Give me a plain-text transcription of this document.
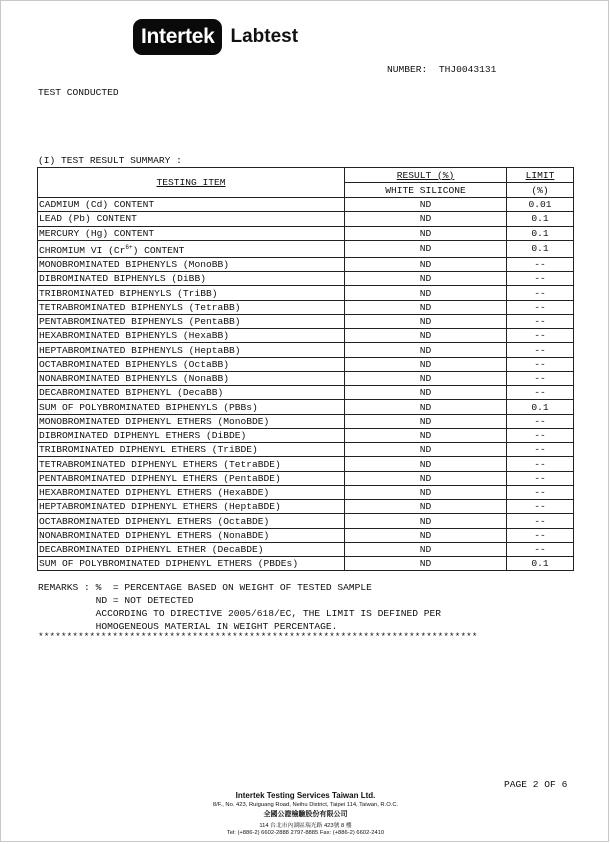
Intertek Labtest
NUMBER: THJ0043131
TEST CONDUCTED
(I) TEST RESULT SUMMARY :
TESTING ITEM	RESULT (%)	LIMIT
	WHITE SILICONE	(%)
CADMIUM (Cd) CONTENT	ND	0.01
LEAD (Pb) CONTENT	ND	0.1
MERCURY (Hg) CONTENT	ND	0.1
CHROMIUM VI $(Cr^{6+})$ CONTENT	ND	0.1
MONOBROMINATED BIPHENYLS (MonoBB)	ND	--
DIBROMINATED BIPHENYLS (DiBB)	ND	--
TRIBROMINATED BIPHENYLS (TriBB)	ND	--
TETRABROMINATED BIPHENYLS (TetraBB)	ND	--
PENTABROMINATED BIPHENYLS (PentaBB)	ND	--
HEXABROMINATED BIPHENYLS (HexaBB)	ND	--
HEPTABROMINATED BIPHENYLS (HeptaBB)	ND	--
OCTABROMINATED BIPHENYLS (OctaBB)	ND	--
NONABROMINATED BIPHENYLS (NonaBB)	ND	--
DECABROMINATED BIPHENYL (DecaBB)	ND	--
SUM OF POLYBROMINATED BIPHENYLS (PBBs)	ND	0.1
MONOBROMINATED DIPHENYL ETHERS (MonoBDE)	ND	--
DIBROMINATED DIPHENYL ETHERS (DiBDE)	ND	--
TRIBROMINATED DIPHENYL ETHERS (TriBDE)	ND	--
TETRABROMINATED DIPHENYL ETHERS (TetraBDE)	ND	--
PENTABROMINATED DIPHENYL ETHERS (PentaBDE)	ND	--
HEXABROMINATED DIPHENYL ETHERS (HexaBDE)	ND	--
HEPTABROMINATED DIPHENYL ETHERS (HeptaBDE)	ND	--
OCTABROMINATED DIPHENYL ETHERS (OctaBDE)	ND	--
NONABROMINATED DIPHENYL ETHERS (NonaBDE)	ND	--
DECABROMINATED DIPHENYL ETHER (DecaBDE)	ND	--
SUM OF POLYBROMINATED DIPHENYL ETHERS (PBDEs)	ND	0.1
REMARKS : %  = PERCENTAGE BASED ON WEIGHT OF TESTED SAMPLE
ND = NOT DETECTED
ACCORDING TO DIRECTIVE 2005/618/EC, THE LIMIT IS DEFINED PER
HOMOGENEOUS MATERIAL IN WEIGHT PERCENTAGE.
*****************************************************************************
PAGE 2 OF 6
Intertek Testing Services Taiwan Ltd.
8/F., No. 423, Ruiguang Road, Neihu District, Taipei 114, Taiwan, R.O.C.
全國公證檢驗股份有限公司
114 台北市內湖區瑞光路 423號 8 樓
Tel: (+886-2) 6602-2888 2797-8885 Fax: (+886-2) 6602-2410
